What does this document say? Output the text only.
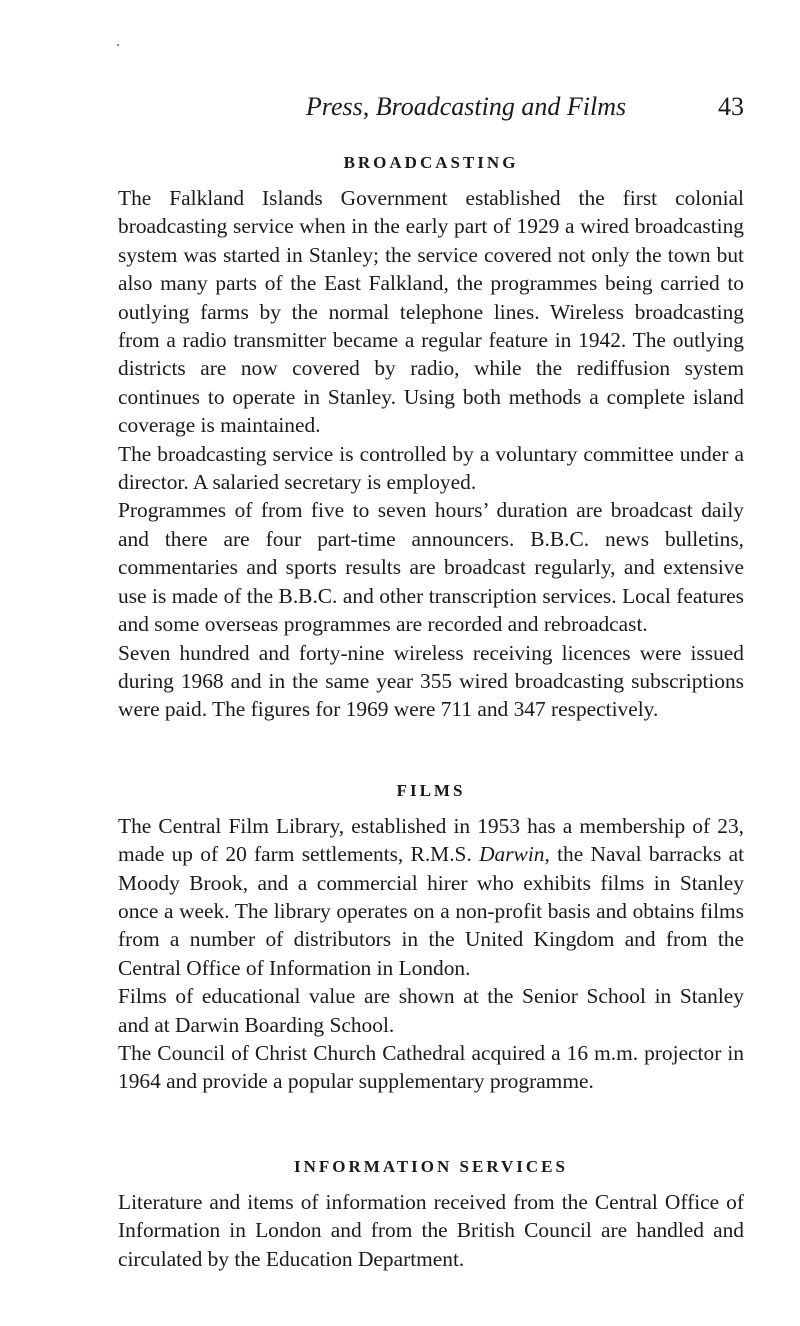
Press, Broadcasting and Films	43
BROADCASTING

The Falkland Islands Government established the first colonial broadcasting service when in the early part of 1929 a wired broadcasting system was started in Stanley; the service covered not only the town but also many parts of the East Falkland, the programmes being carried to outlying farms by the normal telephone lines. Wireless broadcasting from a radio transmitter became a regular feature in 1942. The outlying districts are now covered by radio, while the rediffusion system continues to operate in Stanley. Using both methods a complete island coverage is maintained.

The broadcasting service is controlled by a voluntary committee under a director. A salaried secretary is employed.

Programmes of from five to seven hours’ duration are broadcast daily and there are four part-time announcers. B.B.C. news bulletins, commentaries and sports results are broadcast regularly, and extensive use is made of the B.B.C. and other transcription services. Local features and some overseas programmes are recorded and rebroadcast.

Seven hundred and forty-nine wireless receiving licences were issued during 1968 and in the same year 355 wired broadcasting subscriptions were paid. The figures for 1969 were 711 and 347 respectively.

FILMS

The Central Film Library, established in 1953 has a membership of 23, made up of 20 farm settlements, R.M.S. Darwin, the Naval barracks at Moody Brook, and a commercial hirer who exhibits films in Stanley once a week. The library operates on a non-profit basis and obtains films from a number of distributors in the United Kingdom and from the Central Office of Information in London.

Films of educational value are shown at the Senior School in Stanley and at Darwin Boarding School.

The Council of Christ Church Cathedral acquired a 16 m.m. projector in 1964 and provide a popular supplementary programme.

INFORMATION SERVICES

Literature and items of information received from the Central Office of Information in London and from the British Council are handled and circulated by the Education Department.
